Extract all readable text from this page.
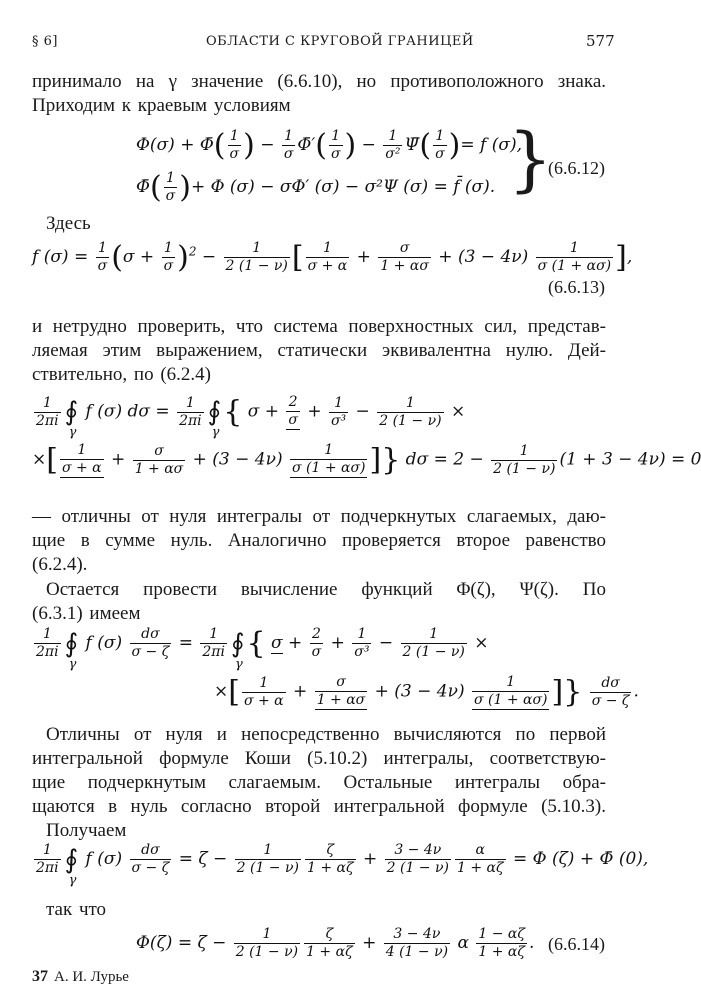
§ 6]	ОБЛАСТИ С КРУГОВОЙ ГРАНИЦЕЙ	577
принимало на γ значение (6.6.10), но противоположного знака.
Приходим к краевым условиям
Φ(σ) + Φ̄( $\frac{1}{\sigma}$ ) − $\frac{1}{\sigma}$ Φ̄′( $\frac{1}{\sigma}$ ) − $\frac{1}{\text{σ²}}$ Ψ̄( $\frac{1}{\sigma}$ )= f (σ),
Φ̄( $\frac{1}{\sigma}$ )+ Φ (σ) − σΦ′ (σ) − σ²Ψ (σ) = f̄ (σ). }
(6.6.12)
Здесь
f $(\sigma) = \frac{1}{\sigma} (\sigma + \frac{1}{\sigma} )^2 - \frac{1}{2 (1 - \nu)}$ [ $\frac{1}{\sigma + \alpha} + \frac{\sigma}{1 + \alpha\sigma} + (3 - 4\nu) \frac{1}{\sigma (1 + \alpha\sigma)}$ ],
(6.6.13)
и нетрудно проверить, что система поверхностных сил, представ-
ляемая этим выражением, статически эквивалентна нулю. Дей-
ствительно, по (6.2.4)
$\frac{1}{2\pi i}$ ∮
γ
f (σ) $d\sigma = \frac{1}{2\pi i}$ ∮
γ
{ $\sigma + \frac{2}{\sigma} + \frac{1}{\text{σ³}} - \frac{1}{2 (1 - \nu)}$ ×
×[ $\frac{1}{\sigma + \alpha} + \frac{\sigma}{1 + \alpha\sigma} + (3 - 4\nu) \frac{1}{\sigma (1 + \alpha\sigma)}$ ]} $d\sigma = 2 - \frac{1}{2 (1 - \nu)} (1 + 3 - 4\nu) = 0$
— отличны от нуля интегралы от подчеркнутых слагаемых, даю-
щие в сумме нуль. Аналогично проверяется второе равенство
(6.2.4).
Остается провести вычисление функций Φ(ζ), Ψ(ζ). По
(6.3.1) имеем
$\frac{1}{2\pi i}$ ∮
γ
f $(\sigma) \frac{d\sigma}{\sigma - \zeta} = \frac{1}{2\pi i}$ ∮
γ
{ $\sigma + \frac{2}{\sigma} + \frac{1}{\text{σ³}} - \frac{1}{2 (1 - \nu)}$ ×
×[ $\frac{1}{\sigma + \alpha} + \frac{\sigma}{1 + \alpha\sigma} + (3 - 4\nu) \frac{1}{\sigma (1 + \alpha\sigma)}$ ]} $\frac{d\sigma}{\sigma - \zeta}$ .
Отличны от нуля и непосредственно вычисляются по первой
интегральной формуле Коши (5.10.2) интегралы, соответствую-
щие подчеркнутым слагаемым. Остальные интегралы обра-
щаются в нуль согласно второй интегральной формуле (5.10.3).
Получаем
$\frac{1}{2\pi i}$ ∮
γ
f $(\sigma) \frac{d\sigma}{\sigma - \zeta} = \zeta - \frac{1}{2 (1 - \nu)} \frac{\zeta}{1 + \alpha\zeta} + \frac{3 - 4\nu}{2 (1 - \nu)} \frac{\alpha}{1 + \alpha\zeta} = \Phi$ (ζ) + Φ̄ (0),
так что
$\Phi(\zeta) = \zeta - \frac{1}{2 (1 - \nu)} \frac{\zeta}{1 + \alpha\zeta} + \frac{3 - 4\nu}{4 (1 - \nu)}$ α $\frac{1 - \alpha\zeta}{1 + \alpha\zeta}$ . (6.6.14)
37 А. И. Лурье
